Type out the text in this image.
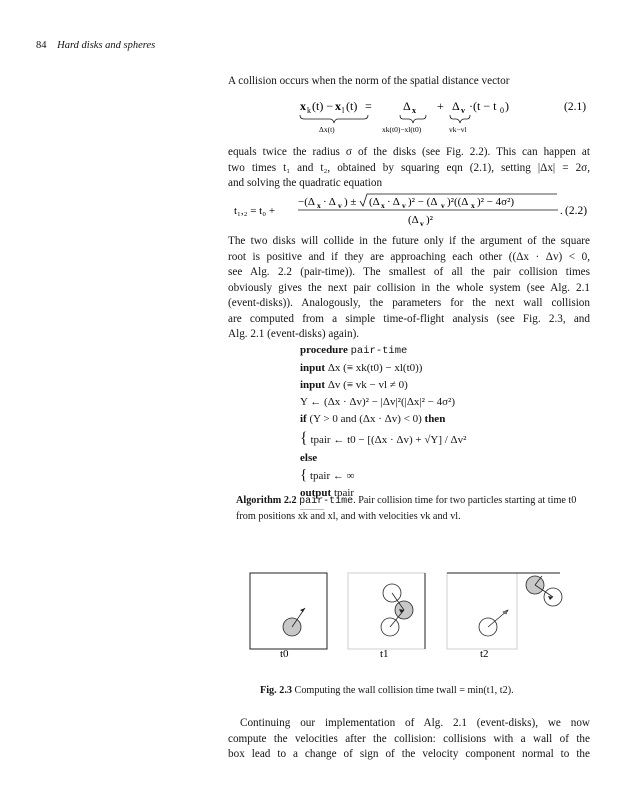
84 Hard disks and spheres

A collision occurs when the norm of the spatial distance vector

x k (t) − x l (t) =	Δ x + Δ v ·(t − t 0 )	(2.1)
Δx(t)	xk(t0)−xl(t0)	vk−vl

equals twice the radius σ of the disks (see Fig. 2.2). This can happen at
two times t₁ and t₂, obtained by squaring eqn (2.1), setting |Δx| = 2σ,
and solving the quadratic equation

t₁,₂ = t₀ +
−(Δ x · Δ v ) ± (Δ x · Δ v )² − (Δ v )²((Δ x )² − 4σ²)
(Δ v )²
. (2.2)

The two disks will collide in the future only if the argument of the square
root is positive and if they are approaching each other ((Δx · Δv) < 0,
see Alg. 2.2 (pair-time)). The smallest of all the pair collision times
obviously gives the next pair collision in the whole system (see Alg. 2.1
(event-disks)). Analogously, the parameters for the next wall collision
are computed from a simple time-of-flight analysis (see Fig. 2.3, and
Alg. 2.1 (event-disks) again).

procedure pair-time
input Δx (≡ xk(t0) − xl(t0))
input Δv (≡ vk − vl ≠ 0)
Υ ← (Δx · Δv)² − |Δv|²(|Δx|² − 4σ²)
if (Υ > 0 and (Δx · Δv) < 0) then
{ tpair ← t0 − [(Δx · Δv) + √Υ] / Δv²
else
{ tpair ← ∞
output tpair
Algorithm 2.2 pair-time. Pair collision time for two particles starting at time t0 from positions xk and xl, and with velocities vk and vl.
t0	t1	t2
Fig. 2.3 Computing the wall collision time twall = min(t1, t2).

Continuing our implementation of Alg. 2.1 (event-disks), we now
compute the velocities after the collision: collisions with a wall of the
box lead to a change of sign of the velocity component normal to the
